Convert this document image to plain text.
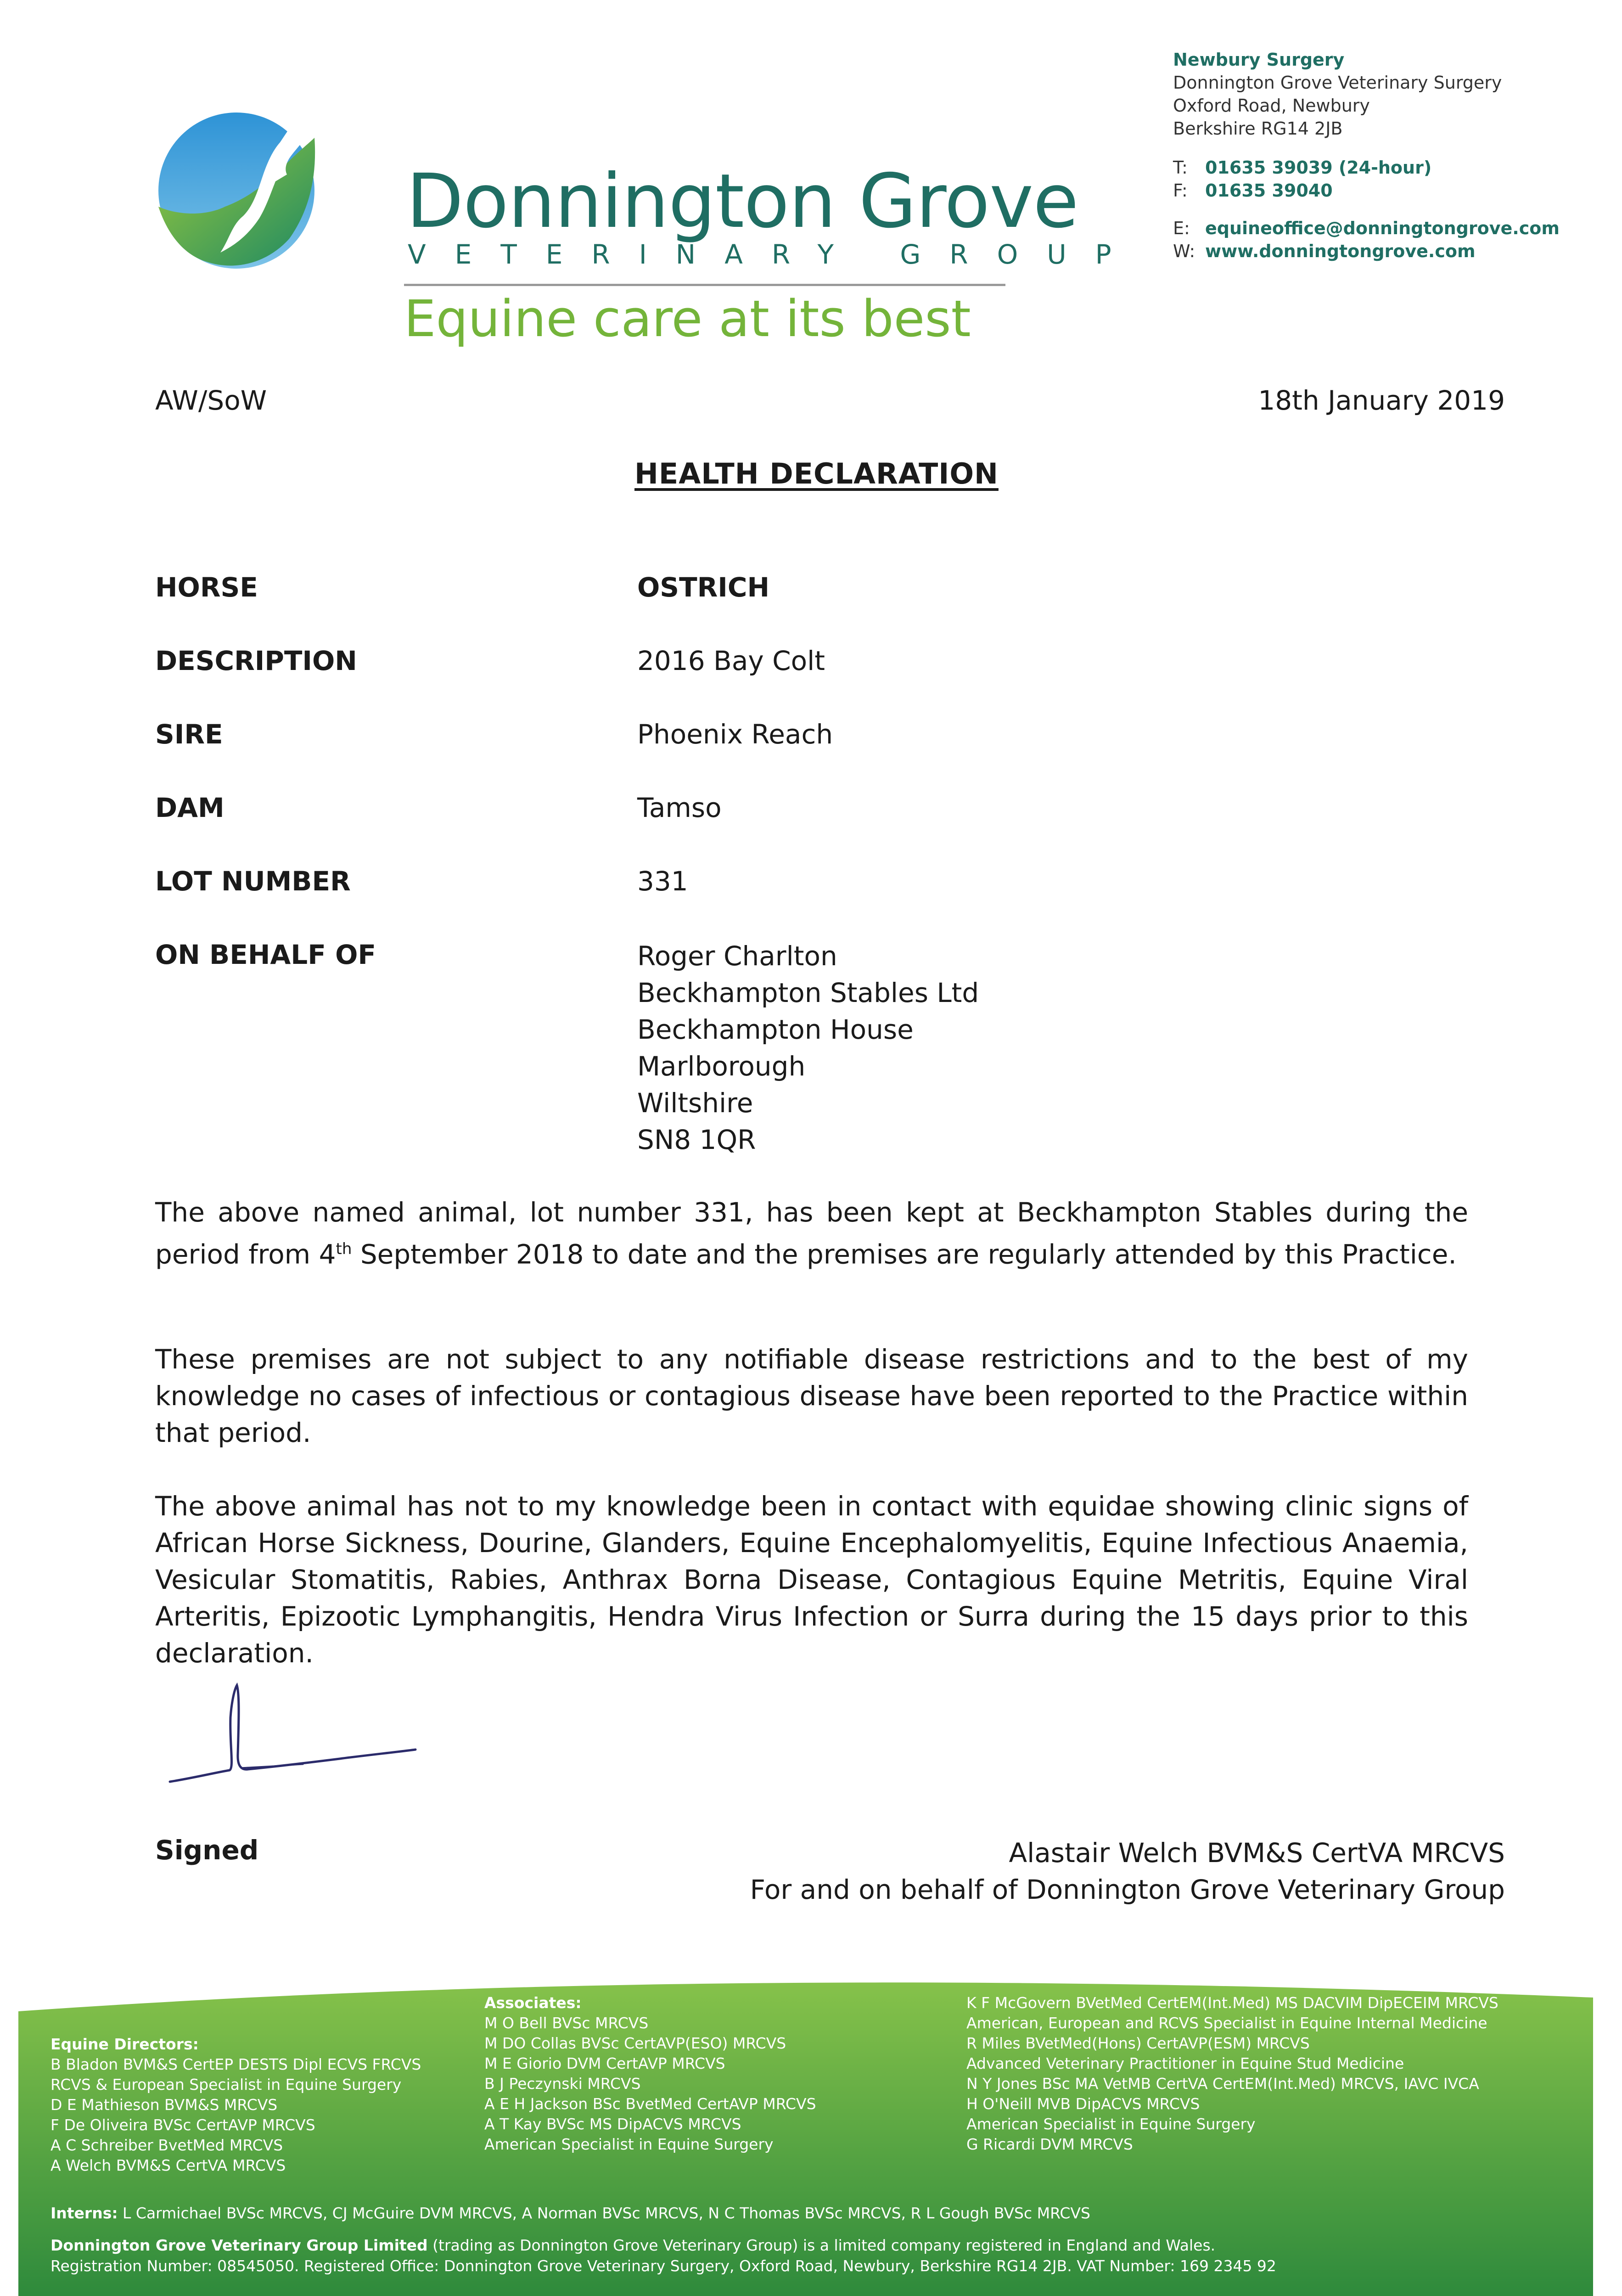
Donnington Grove
VETERINARY GROUP
Equine care at its best
Newbury Surgery
Donnington Grove Veterinary Surgery
Oxford Road, Newbury
Berkshire RG14 2JB
T: 01635 39039 (24-hour)
F: 01635 39040
E: equineoffice@donningtongrove.com
W: www.donningtongrove.com
AW/SoW	18th January 2019
HEALTH DECLARATION
HORSE	OSTRICH
DESCRIPTION	2016 Bay Colt
SIRE	Phoenix Reach
DAM	Tamso
LOT NUMBER	331
ON BEHALF OF	Roger Charlton
Beckhampton Stables Ltd
Beckhampton House
Marlborough
Wiltshire
SN8 1QR
The above named animal, lot number 331, has been kept at Beckhampton Stables during the period from 4th September 2018 to date and the premises are regularly attended by this Practice.
These premises are not subject to any notifiable disease restrictions and to the best of my knowledge no cases of infectious or contagious disease have been reported to the Practice within that period.
The above animal has not to my knowledge been in contact with equidae showing clinic signs of African Horse Sickness, Dourine, Glanders, Equine Encephalomyelitis, Equine Infectious Anaemia, Vesicular Stomatitis, Rabies, Anthrax Borna Disease, Contagious Equine Metritis, Equine Viral Arteritis, Epizootic Lymphangitis, Hendra Virus Infection or Surra during the 15 days prior to this declaration.
Signed	Alastair Welch BVM&S CertVA MRCVS
For and on behalf of Donnington Grove Veterinary Group
Equine Directors:
B Bladon BVM&S CertEP DESTS Dipl ECVS FRCVS
RCVS & European Specialist in Equine Surgery
D E Mathieson BVM&S MRCVS
F De Oliveira BVSc CertAVP MRCVS
A C Schreiber BvetMed MRCVS
A Welch BVM&S CertVA MRCVS
Associates:
M O Bell BVSc MRCVS
M DO Collas BVSc CertAVP(ESO) MRCVS
M E Giorio DVM CertAVP MRCVS
B J Peczynski MRCVS
A E H Jackson BSc BvetMed CertAVP MRCVS
A T Kay BVSc MS DipACVS MRCVS
American Specialist in Equine Surgery
K F McGovern BVetMed CertEM(Int.Med) MS DACVIM DipECEIM MRCVS
American, European and RCVS Specialist in Equine Internal Medicine
R Miles BVetMed(Hons) CertAVP(ESM) MRCVS
Advanced Veterinary Practitioner in Equine Stud Medicine
N Y Jones BSc MA VetMB CertVA CertEM(Int.Med) MRCVS, IAVC IVCA
H O'Neill MVB DipACVS MRCVS
American Specialist in Equine Surgery
G Ricardi DVM MRCVS
Interns: L Carmichael BVSc MRCVS, CJ McGuire DVM MRCVS, A Norman BVSc MRCVS, N C Thomas BVSc MRCVS, R L Gough BVSc MRCVS
Donnington Grove Veterinary Group Limited (trading as Donnington Grove Veterinary Group) is a limited company registered in England and Wales.
Registration Number: 08545050. Registered Office: Donnington Grove Veterinary Surgery, Oxford Road, Newbury, Berkshire RG14 2JB. VAT Number: 169 2345 92
